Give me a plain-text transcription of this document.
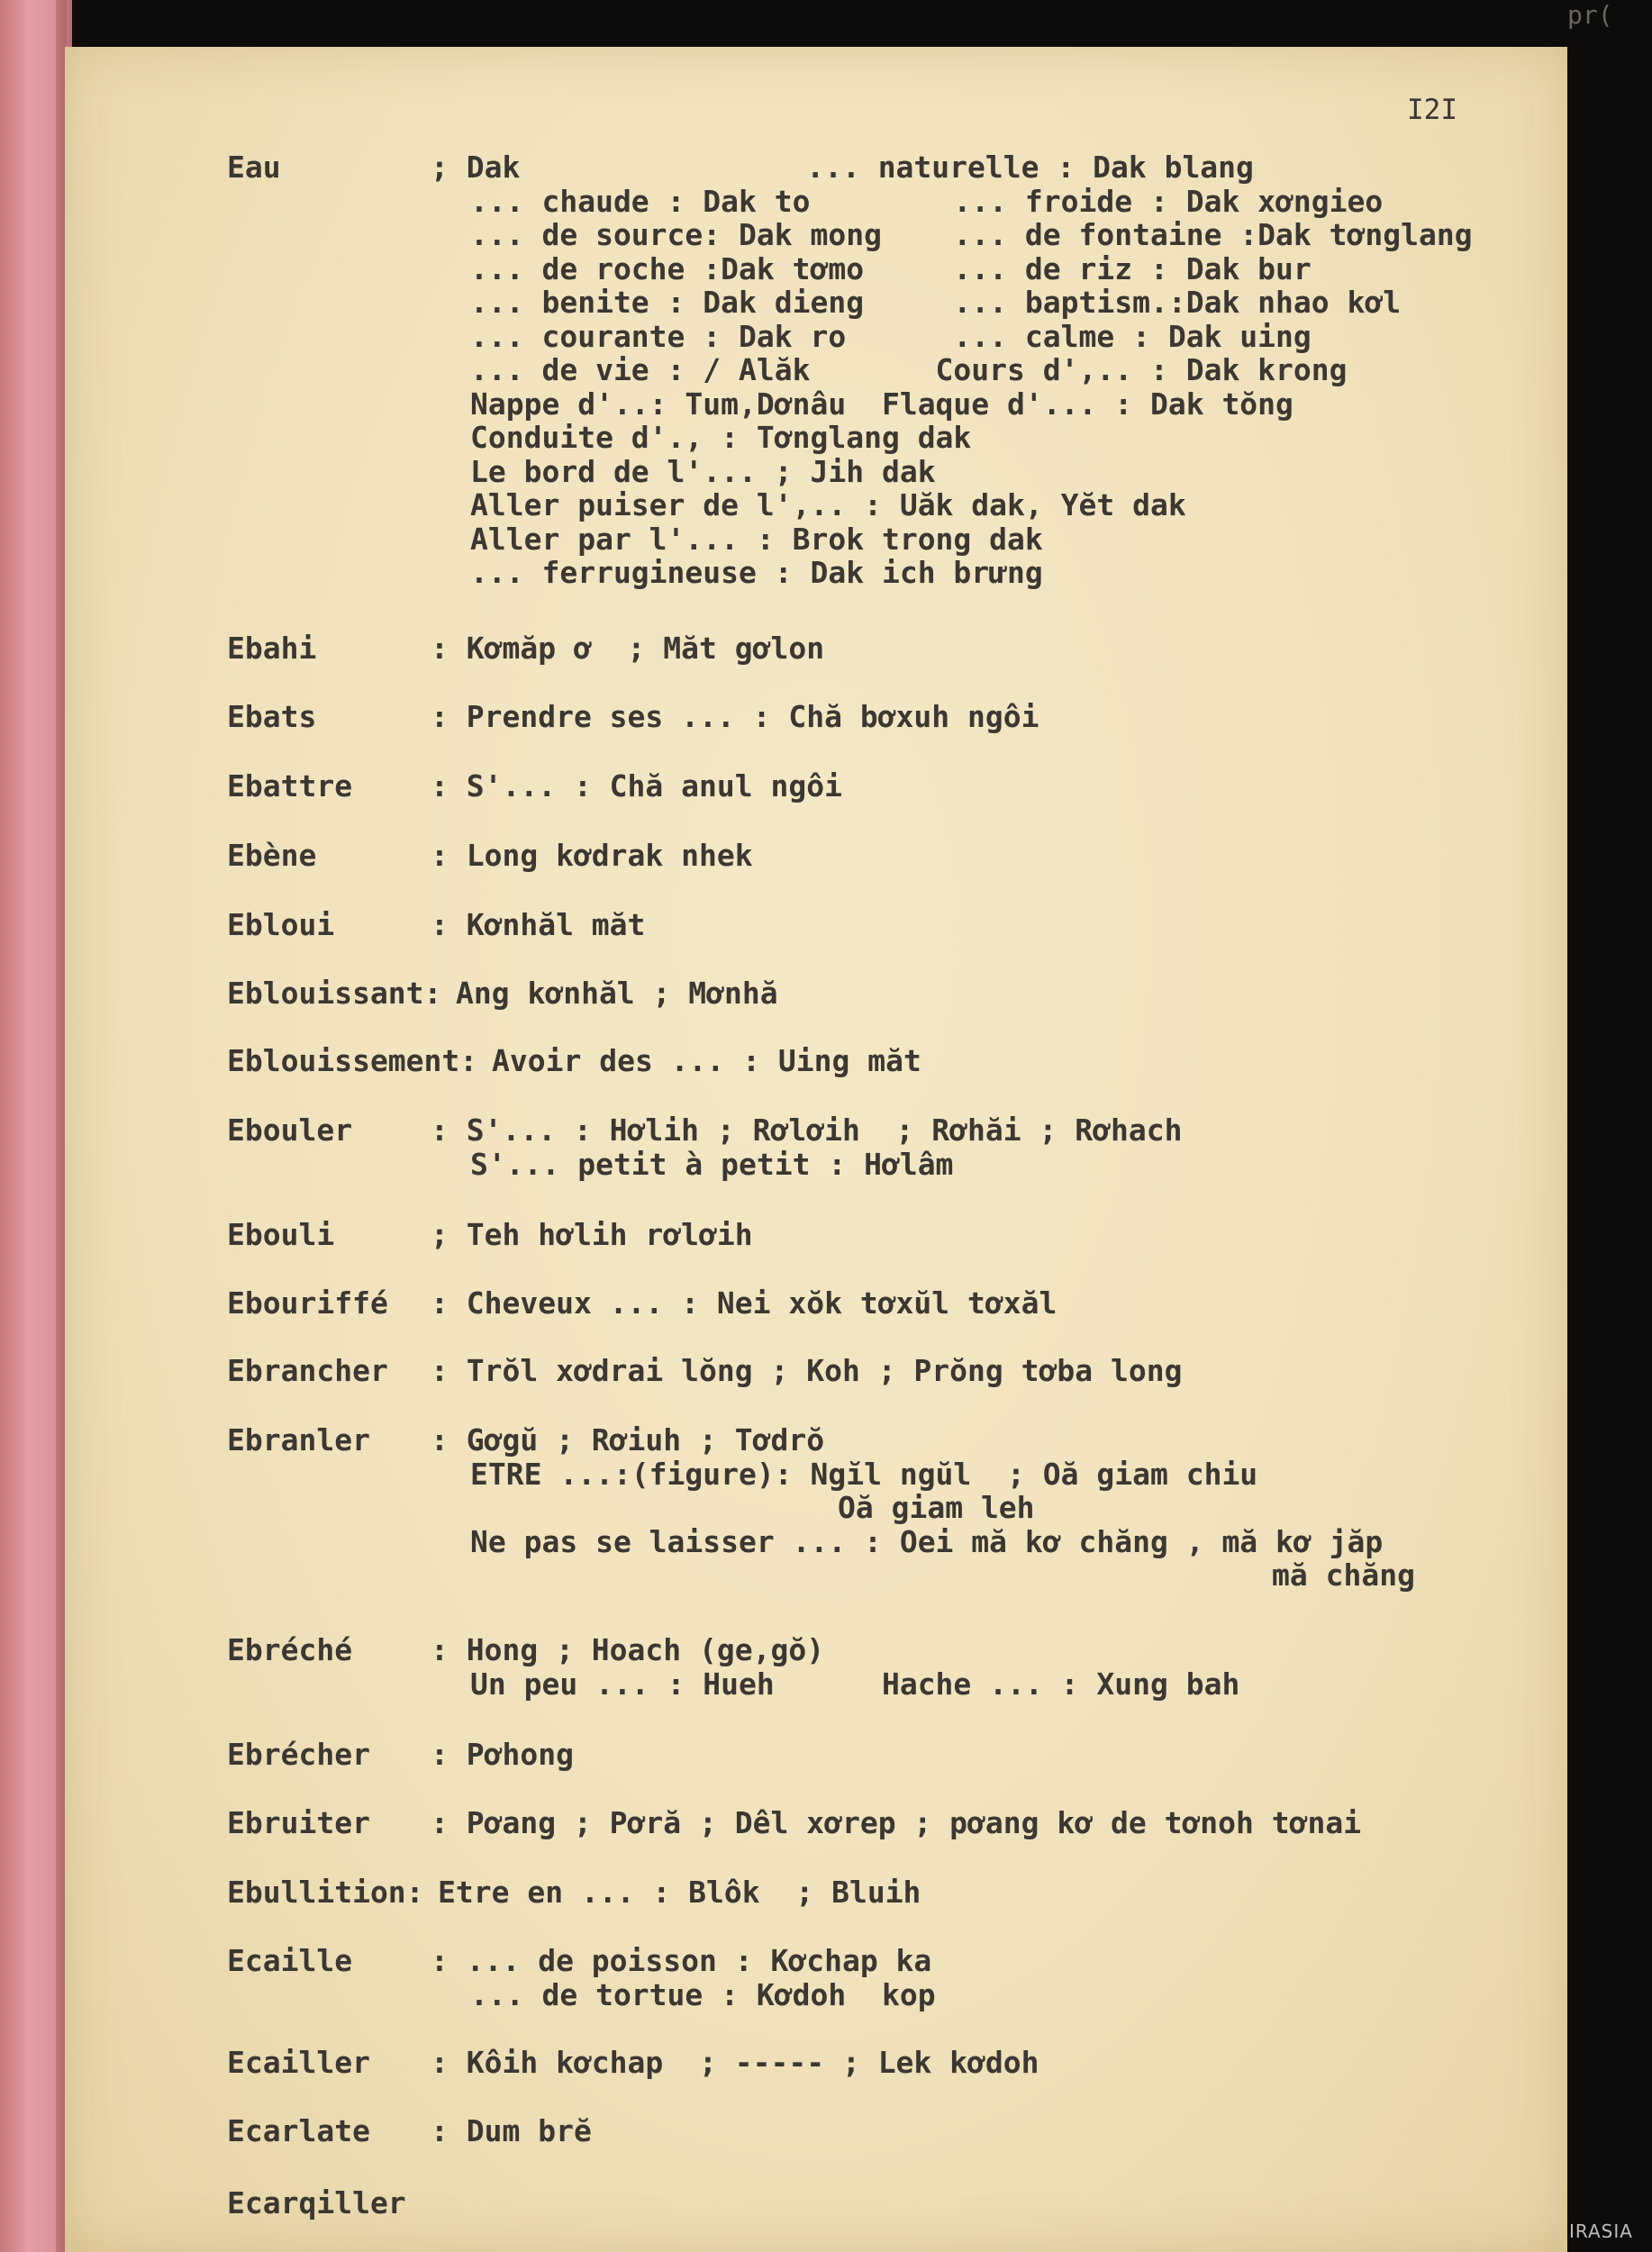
pr(
I2I
Eau	; Dak                ... naturelle : Dak blang
... chaude : Dak to        ... froide : Dak xơngieo
... de source: Dak mong    ... de fontaine :Dak tơnglang
... de roche :Dak tơmo     ... de riz : Dak bur
... benite : Dak dieng     ... baptism.:Dak nhao kơl
... courante : Dak ro      ... calme : Dak uing
... de vie : / Alăk       Cours d',.. : Dak krong
Nappe d'..: Tum,Dơnâu  Flaque d'... : Dak tŏng
Conduite d'., : Tơnglang dak
Le bord de l'... ; Jih dak
Aller puiser de l',.. : Uăk dak, Yĕt dak
Aller par l'... : Brok trong dak
... ferrugineuse : Dak ich brưng
Ebahi	: Kơmăp ơ  ; Măt gơlon
Ebats	: Prendre ses ... : Chă bơxuh ngôi
Ebattre	: S'... : Chă anul ngôi
Ebène	: Long kơdrak nhek
Ebloui	: Kơnhăl măt
Eblouissant: Ang kơnhăl ; Mơnhă
Eblouissement: Avoir des ... : Uing măt
Ebouler	: S'... : Hơlih ; Rơlơih  ; Rơhăi ; Rơhach
S'... petit à petit : Hơlâm
Ebouli	; Teh hơlih rơlơih
Ebouriffé : Cheveux ... : Nei xŏk tơxŭl tơxăl
Ebrancher : Trŏl xơdrai lŏng ; Koh ; Prŏng tơba long
Ebranler : Gơgŭ ; Rơiuh ; Tơdrŏ
ETRE ...:(figure): Ngĭl ngŭl  ; Oă giam chiu
Oă giam leh
Ne pas se laisser ... : Oei mă kơ chăng , mă kơ jăp
mă chăng
Ebréché	: Hong ; Hoach (ge,gŏ)
Un peu ... : Hueh      Hache ... : Xung bah
Ebrécher : Pơhong
Ebruiter : Pơang ; Pơră ; Dêl xơrep ; pơang kơ de tơnoh tơnai
Ebullition: Etre en ... : Blôk  ; Bluih
Ecaille	: ... de poisson : Kơchap ka
... de tortue : Kơdoh  kop
Ecailler : Kôih kơchap  ; ----- ; Lek kơdoh
Ecarlate : Dum brĕ
Ecarqiller
IRASIA
